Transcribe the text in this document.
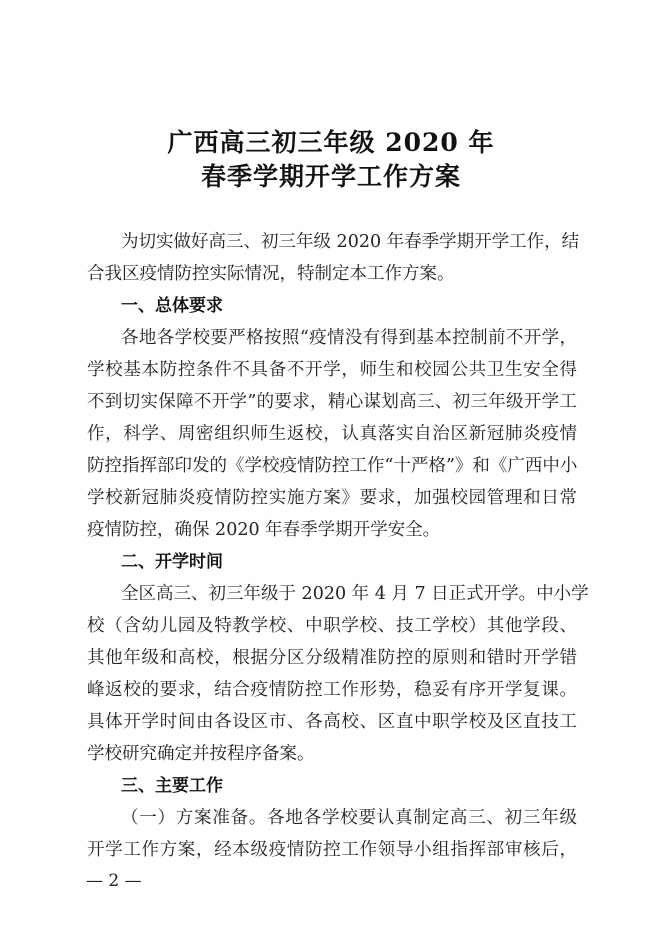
广西高三初三年级 2020 年
春季学期开学工作方案
为切实做好高三、初三年级 2020 年春季学期开学工作，结
合我区疫情防控实际情况，特制定本工作方案。
一、总体要求
各地各学校要严格按照“疫情没有得到基本控制前不开学，
学校基本防控条件不具备不开学，师生和校园公共卫生安全得
不到切实保障不开学”的要求，精心谋划高三、初三年级开学工
作，科学、周密组织师生返校，认真落实自治区新冠肺炎疫情
防控指挥部印发的《学校疫情防控工作“十严格”》和《广西中小
学校新冠肺炎疫情防控实施方案》要求，加强校园管理和日常
疫情防控，确保 2020 年春季学期开学安全。
二、开学时间
全区高三、初三年级于 2020 年 4 月 7 日正式开学。中小学
校（含幼儿园及特教学校、中职学校、技工学校）其他学段、
其他年级和高校，根据分区分级精准防控的原则和错时开学错
峰返校的要求，结合疫情防控工作形势，稳妥有序开学复课。
具体开学时间由各设区市、各高校、区直中职学校及区直技工
学校研究确定并按程序备案。
三、主要工作
（一）方案准备。各地各学校要认真制定高三、初三年级
开学工作方案，经本级疫情防控工作领导小组指挥部审核后，
— 2 —
